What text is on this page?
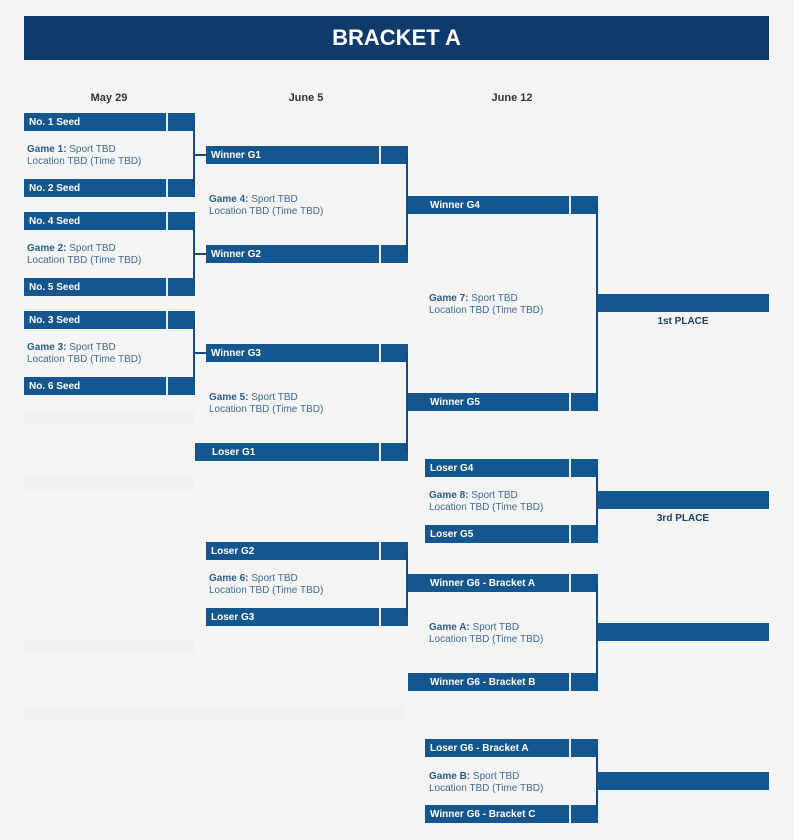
BRACKET A
May 29	June 5	June 12
No. 1 Seed
No. 2 Seed
No. 4 Seed
No. 5 Seed
No. 3 Seed
No. 6 Seed
Game 1: Sport TBD
Location TBD (Time TBD)
Game 2: Sport TBD
Location TBD (Time TBD)
Game 3: Sport TBD
Location TBD (Time TBD)
Winner G1
Winner G2
Winner G3
Loser G1
Loser G2
Loser G3
Game 4: Sport TBD
Location TBD (Time TBD)
Game 5: Sport TBD
Location TBD (Time TBD)
Game 6: Sport TBD
Location TBD (Time TBD)
Winner G4
Winner G5
Loser G4
Loser G5
Winner G6 - Bracket A
Winner G6 - Bracket B
Loser G6 - Bracket A
Winner G6 - Bracket C
Game 7: Sport TBD
Location TBD (Time TBD)
Game 8: Sport TBD
Location TBD (Time TBD)
Game A: Sport TBD
Location TBD (Time TBD)
Game B: Sport TBD
Location TBD (Time TBD)
1st PLACE
3rd PLACE
